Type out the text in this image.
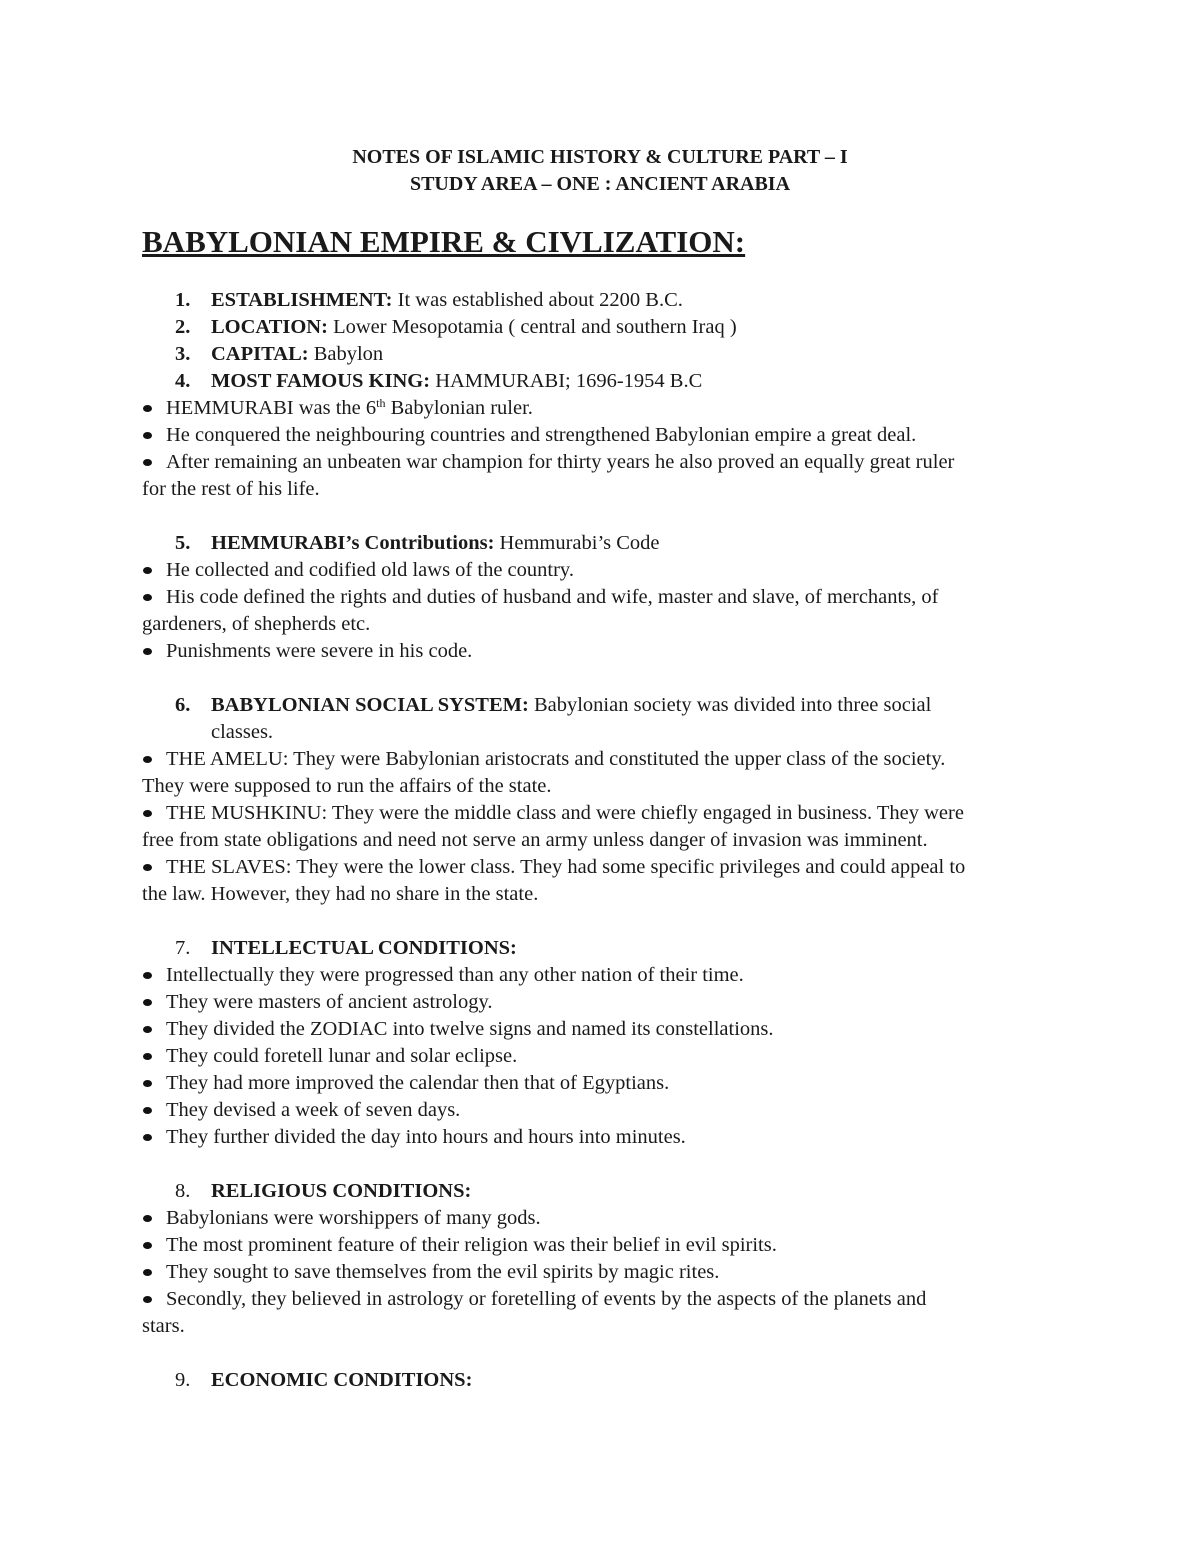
NOTES OF ISLAMIC HISTORY & CULTURE PART – I
STUDY AREA – ONE : ANCIENT ARABIA
BABYLONIAN EMPIRE & CIVLIZATION:
1. ESTABLISHMENT: It was established about 2200 B.C.
2. LOCATION: Lower Mesopotamia ( central and southern Iraq )
3. CAPITAL: Babylon
4. MOST FAMOUS KING: HAMMURABI; 1696-1954 B.C
HEMMURABI was the 6th Babylonian ruler.
He conquered the neighbouring countries and strengthened Babylonian empire a great deal.
After remaining an unbeaten war champion for thirty years he also proved an equally great ruler
for the rest of his life.
5. HEMMURABI’s Contributions: Hemmurabi’s Code
He collected and codified old laws of the country.
His code defined the rights and duties of husband and wife, master and slave, of merchants, of
gardeners, of shepherds etc.
Punishments were severe in his code.
6. BABYLONIAN SOCIAL SYSTEM: Babylonian society was divided into three social
classes.
THE AMELU: They were Babylonian aristocrats and constituted the upper class of the society.
They were supposed to run the affairs of the state.
THE MUSHKINU: They were the middle class and were chiefly engaged in business. They were
free from state obligations and need not serve an army unless danger of invasion was imminent.
THE SLAVES: They were the lower class. They had some specific privileges and could appeal to
the law. However, they had no share in the state.
7. INTELLECTUAL CONDITIONS:
Intellectually they were progressed than any other nation of their time.
They were masters of ancient astrology.
They divided the ZODIAC into twelve signs and named its constellations.
They could foretell lunar and solar eclipse.
They had more improved the calendar then that of Egyptians.
They devised a week of seven days.
They further divided the day into hours and hours into minutes.
8. RELIGIOUS CONDITIONS:
Babylonians were worshippers of many gods.
The most prominent feature of their religion was their belief in evil spirits.
They sought to save themselves from the evil spirits by magic rites.
Secondly, they believed in astrology or foretelling of events by the aspects of the planets and
stars.
9. ECONOMIC CONDITIONS:
